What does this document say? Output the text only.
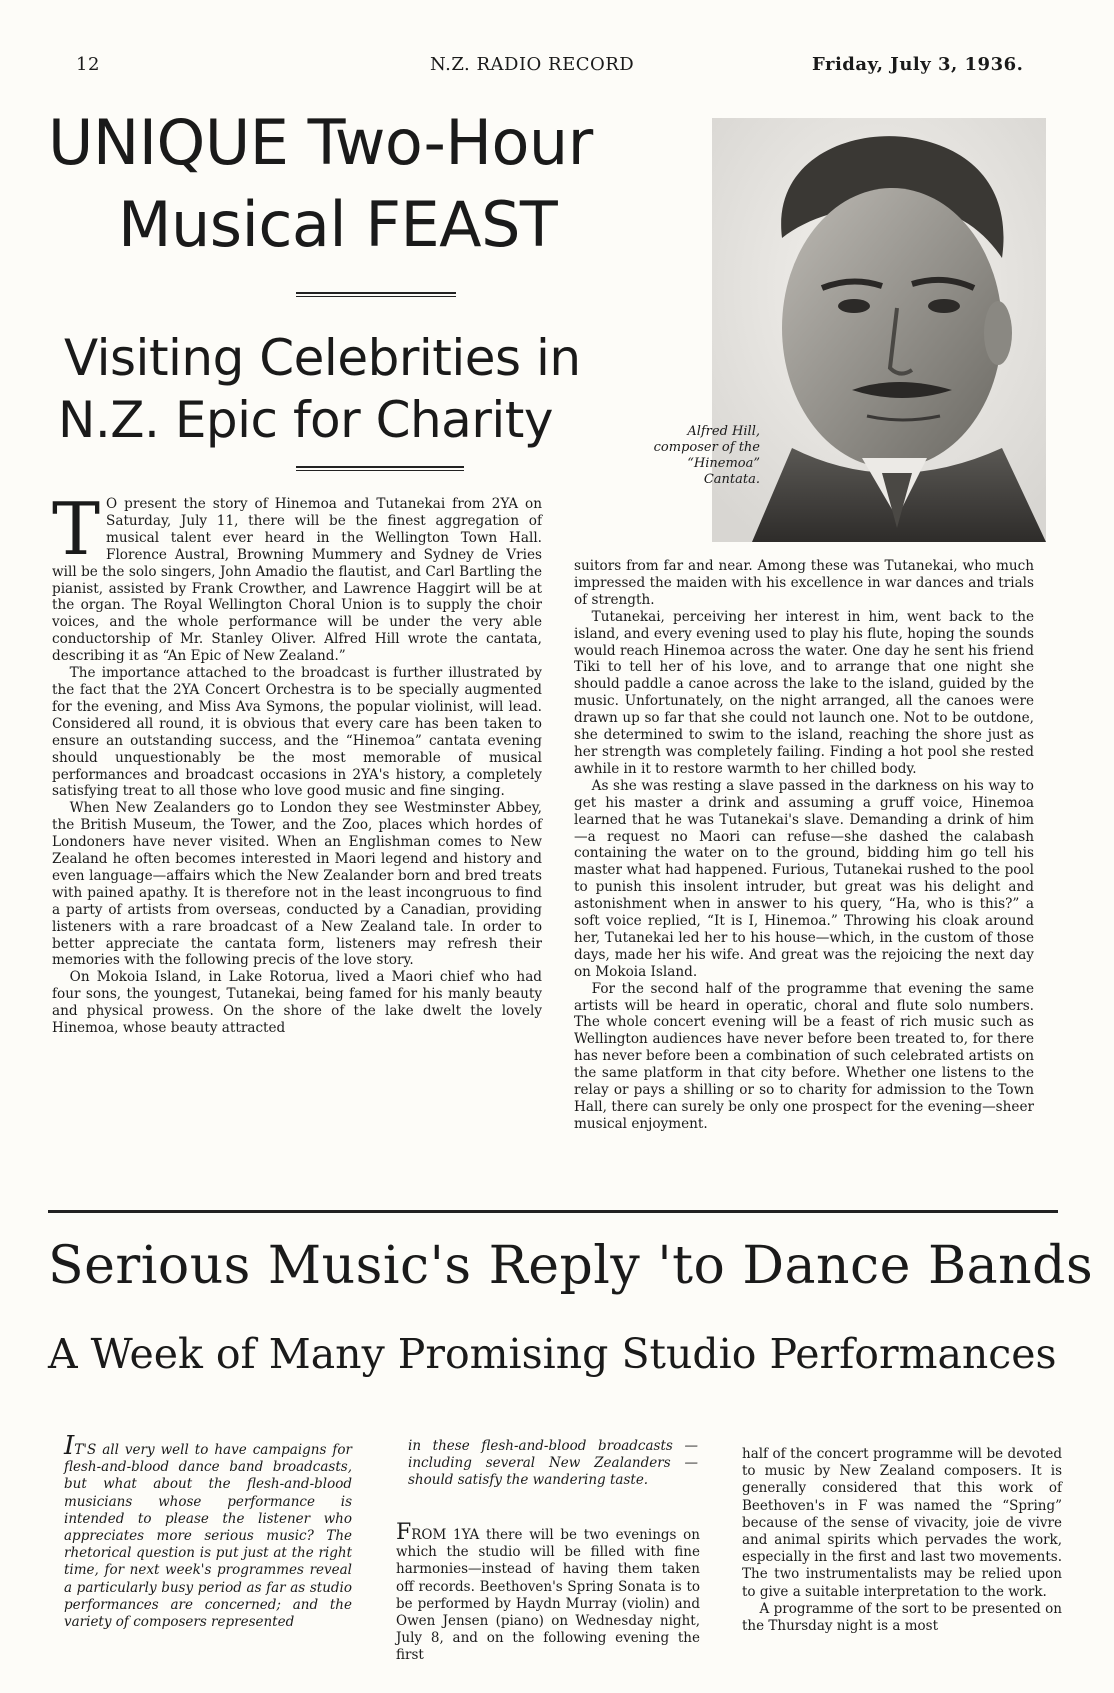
12	N.Z. RADIO RECORD	Friday, July 3, 1936.
UNIQUE Two-Hour
Musical FEAST
Visiting Celebrities in
N.Z. Epic for Charity	Alfred Hill, composer of the “Hinemoa” Cantata.

T O present the story of Hinemoa and Tutanekai from 2YA on Saturday, July 11, there will be the finest aggregation of musical talent ever heard in the Wellington Town Hall. Florence Austral, Browning Mummery and Sydney de Vries will be the solo singers, John Amadio the flautist, and Carl Bartling the pianist, assisted by Frank Crowther, and Lawrence Haggirt will be at the organ. The Royal Wellington Choral Union is to supply the choir voices, and the whole performance will be under the very able conductorship of Mr. Stanley Oliver. Alfred Hill wrote the cantata, describing it as “An Epic of New Zealand.”

The importance attached to the broadcast is further illustrated by the fact that the 2YA Concert Orchestra is to be specially augmented for the evening, and Miss Ava Symons, the popular violinist, will lead. Considered all round, it is obvious that every care has been taken to ensure an outstanding success, and the “Hinemoa” cantata evening should unquestionably be the most memorable of musical performances and broadcast occasions in 2YA's history, a completely satisfying treat to all those who love good music and fine singing.

When New Zealanders go to London they see Westminster Abbey, the British Museum, the Tower, and the Zoo, places which hordes of Londoners have never visited. When an Englishman comes to New Zealand he often becomes interested in Maori legend and history and even language—affairs which the New Zealander born and bred treats with pained apathy. It is therefore not in the least incongruous to find a party of artists from overseas, conducted by a Canadian, providing listeners with a rare broadcast of a New Zealand tale. In order to better appreciate the cantata form, listeners may refresh their memories with the following precis of the love story.

On Mokoia Island, in Lake Rotorua, lived a Maori chief who had four sons, the youngest, Tutanekai, being famed for his manly beauty and physical prowess. On the shore of the lake dwelt the lovely Hinemoa, whose beauty attracted

suitors from far and near. Among these was Tutanekai, who much impressed the maiden with his excellence in war dances and trials of strength.

Tutanekai, perceiving her interest in him, went back to the island, and every evening used to play his flute, hoping the sounds would reach Hinemoa across the water. One day he sent his friend Tiki to tell her of his love, and to arrange that one night she should paddle a canoe across the lake to the island, guided by the music. Unfortunately, on the night arranged, all the canoes were drawn up so far that she could not launch one. Not to be outdone, she determined to swim to the island, reaching the shore just as her strength was completely failing. Finding a hot pool she rested awhile in it to restore warmth to her chilled body.

As she was resting a slave passed in the darkness on his way to get his master a drink and assuming a gruff voice, Hinemoa learned that he was Tutanekai's slave. Demanding a drink of him—a request no Maori can refuse—she dashed the calabash containing the water on to the ground, bidding him go tell his master what had happened. Furious, Tutanekai rushed to the pool to punish this insolent intruder, but great was his delight and astonishment when in answer to his query, “Ha, who is this?” a soft voice replied, “It is I, Hinemoa.” Throwing his cloak around her, Tutanekai led her to his house—which, in the custom of those days, made her his wife. And great was the rejoicing the next day on Mokoia Island.

For the second half of the programme that evening the same artists will be heard in operatic, choral and flute solo numbers. The whole concert evening will be a feast of rich music such as Wellington audiences have never before been treated to, for there has never before been a combination of such celebrated artists on the same platform in that city before. Whether one listens to the relay or pays a shilling or so to charity for admission to the Town Hall, there can surely be only one prospect for the evening—sheer musical enjoyment.

Serious Music's Reply 'to Dance Bands
A Week of Many Promising Studio Performances
IT'S all very well to have campaigns for flesh-and-blood dance band broadcasts, but what about the flesh-and-blood musicians whose performance is intended to please the listener who appreciates more serious music? The rhetorical question is put just at the right time, for next week's programmes reveal a particularly busy period as far as studio performances are concerned; and the variety of composers represented
in these flesh-and-blood broadcasts —including several New Zealanders —should satisfy the wandering taste.
FROM 1YA there will be two evenings on which the studio will be filled with fine harmonies—instead of having them taken off records. Beethoven's Spring Sonata is to be performed by Haydn Murray (violin) and Owen Jensen (piano) on Wednesday night, July 8, and on the following evening the first

half of the concert programme will be devoted to music by New Zealand composers. It is generally considered that this work of Beethoven's in F was named the “Spring” because of the sense of vivacity, joie de vivre and animal spirits which pervades the work, especially in the first and last two movements. The two instrumentalists may be relied upon to give a suitable interpretation to the work.

A programme of the sort to be presented on the Thursday night is a most
